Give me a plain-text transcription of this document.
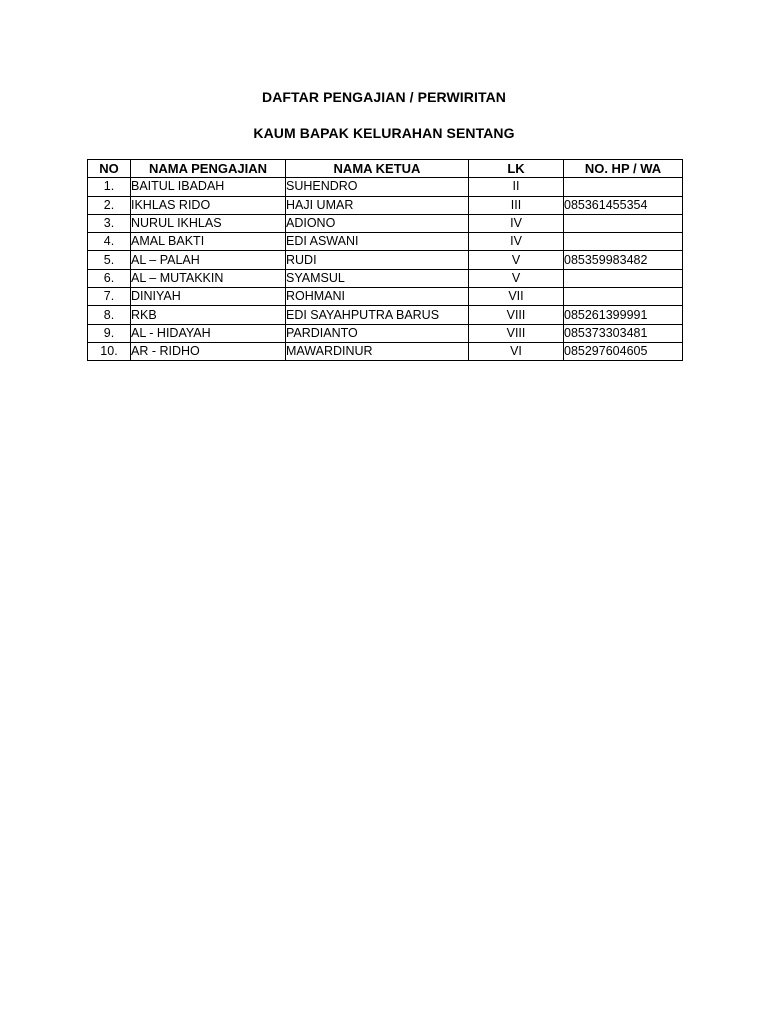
DAFTAR PENGAJIAN / PERWIRITAN
KAUM BAPAK KELURAHAN SENTANG
NO	NAMA PENGAJIAN	NAMA KETUA	LK	NO. HP / WA
1.	BAITUL IBADAH	SUHENDRO	II	
2.	IKHLAS RIDO	HAJI UMAR	III	085361455354
3.	NURUL IKHLAS	ADIONO	IV	
4.	AMAL BAKTI	EDI ASWANI	IV	
5.	AL – PALAH	RUDI	V	085359983482
6.	AL – MUTAKKIN	SYAMSUL	V	
7.	DINIYAH	ROHMANI	VII	
8.	RKB	EDI SAYAHPUTRA BARUS	VIII	085261399991
9.	AL - HIDAYAH	PARDIANTO	VIII	085373303481
10.	AR - RIDHO	MAWARDINUR	VI	085297604605
